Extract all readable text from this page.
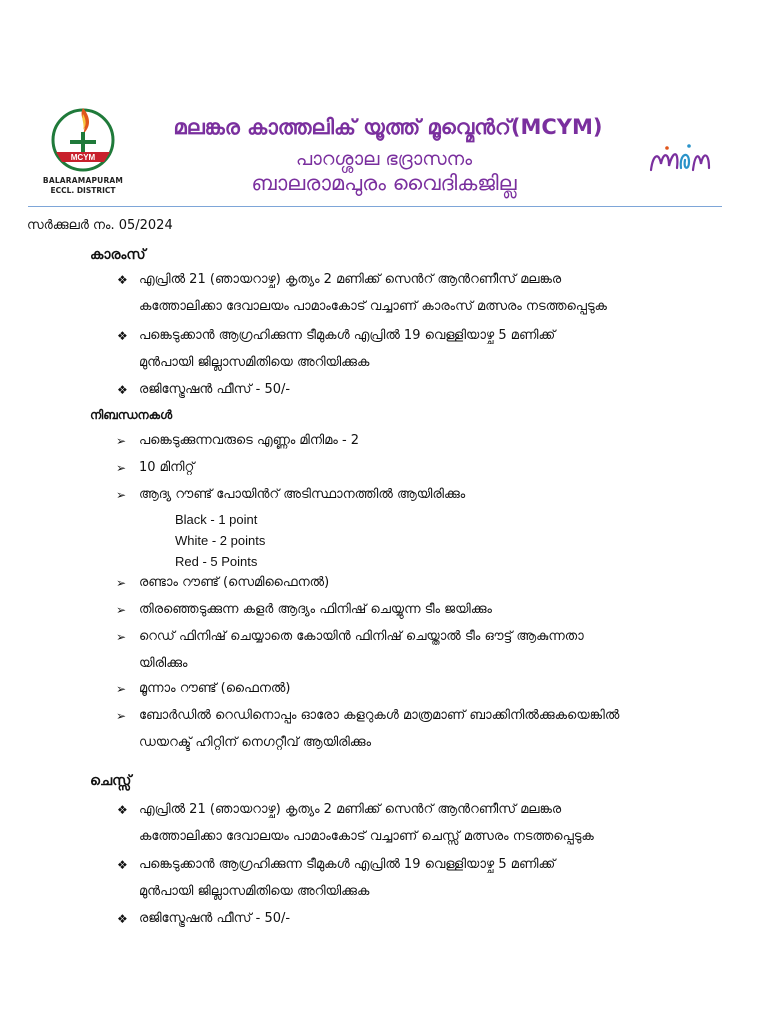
MCYM
BALARAMAPURAM
ECCL. DISTRICT
മലങ്കര കാത്തലിക് യൂത്ത് മൂവ്മെൻറ്(MCYM)
പാറശ്ശാല ഭദ്രാസനം
ബാലരാമപുരം വൈദികജില്ല
സർക്കുലർ നം. 05/2024
കാരംസ്
❖ എപ്രിൽ 21 (ഞായറാഴ്ച) കൃത്യം 2 മണിക്ക് സെൻറ് ആൻറണീസ് മലങ്കര
കത്തോലിക്കാ ദേവാലയം പാമാംകോട് വച്ചാണ് കാരംസ് മത്സരം നടത്തപ്പെടുക
❖ പങ്കെടുക്കാൻ ആഗ്രഹിക്കുന്ന ടീമുകൾ എപ്രിൽ 19 വെള്ളിയാഴ്ച 5 മണിക്ക്
മുൻപായി ജില്ലാസമിതിയെ അറിയിക്കുക
❖ രജിസ്ട്രേഷൻ ഫീസ് - 50/-
നിബന്ധനകൾ
➢ പങ്കെടുക്കുന്നവരുടെ എണ്ണം മിനിമം - 2
➢ 10 മിനിറ്റ്
➢ ആദ്യ റൗണ്ട് പോയിൻറ് അടിസ്ഥാനത്തിൽ ആയിരിക്കും
Black - 1 point
White - 2 points
Red - 5 Points
➢ രണ്ടാം റൗണ്ട് (സെമിഫൈനൽ)
➢ തിരഞ്ഞെടുക്കുന്ന കളർ ആദ്യം ഫിനിഷ് ചെയ്യുന്ന ടീം ജയിക്കും
➢ റെഡ് ഫിനിഷ് ചെയ്യാതെ കോയിൻ ഫിനിഷ് ചെയ്താൽ ടീം ഔട്ട് ആകുന്നതാ
യിരിക്കും
➢ മൂന്നാം റൗണ്ട് (ഫൈനൽ)
➢ ബോർഡിൽ റെഡിനൊപ്പം ഓരോ കളറുകൾ മാത്രമാണ് ബാക്കിനിൽക്കുകയെങ്കിൽ
ഡയറക്ട് ഹിറ്റിന് നെഗറ്റീവ് ആയിരിക്കും
ചെസ്സ്
❖ എപ്രിൽ 21 (ഞായറാഴ്ച) കൃത്യം 2 മണിക്ക് സെൻറ് ആൻറണീസ് മലങ്കര
കത്തോലിക്കാ ദേവാലയം പാമാംകോട് വച്ചാണ് ചെസ്സ് മത്സരം നടത്തപ്പെടുക
❖ പങ്കെടുക്കാൻ ആഗ്രഹിക്കുന്ന ടീമുകൾ എപ്രിൽ 19 വെള്ളിയാഴ്ച 5 മണിക്ക്
മുൻപായി ജില്ലാസമിതിയെ അറിയിക്കുക
❖ രജിസ്ട്രേഷൻ ഫീസ് - 50/-
